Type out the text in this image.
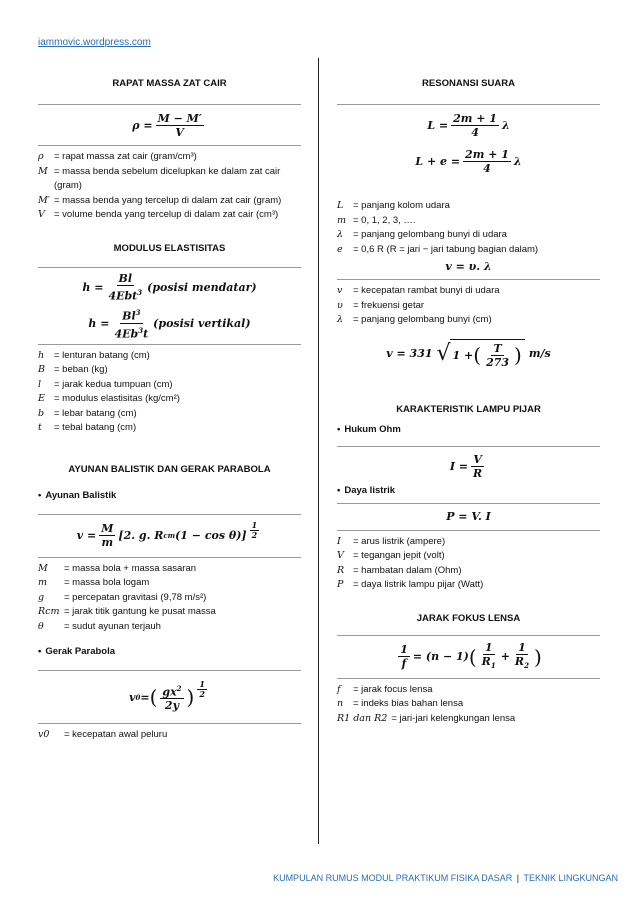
iammovic.wordpress.com
RAPAT MASSA ZAT CAIR
$\rho = \frac{M - M'}{V}$
ρ	= rapat massa zat cair (gram/cm³)
M = massa benda sebelum dicelupkan ke dalam zat cair (gram)
M′ = massa benda yang tercelup di dalam zat cair (gram)
V = volume benda yang tercelup di dalam zat cair (cm³)
MODULUS ELASTISITAS
$h = \frac{Bl}{4Ebt^3}$ (posisi mendatar)
$h = \frac{Bl^3}{4Eb^3t}$ (posisi vertikal)
h	= lenturan batang (cm)
B = beban (kg)
l	= jarak kedua tumpuan (cm)
E = modulus elastisitas (kg/cm²)
b	= lebar batang (cm)
t	= tebal batang (cm)
AYUNAN BALISTIK DAN GERAK PARABOLA
• Ayunan Balistik
$v = \frac{M}{m} [2$. g. R cm $(1 - \cos \theta)] \frac{1}{2}$
M	= massa bola + massa sasaran
m	= massa bola logam
g	= percepatan gravitasi (9,78 m/s²)
Rcm = jarak titik gantung ke pusat massa
θ	= sudut ayunan terjauh
• Gerak Parabola
v 0 = ( $\frac{gx^2}{2y}$ ) $\frac{1}{2}$
v0	= kecepatan awal peluru
RESONANSI SUARA
$L = \frac{2m + 1}{4}$ λ
$L + e = \frac{2m + 1}{4}$ λ
L	= panjang kolom udara
m = 0, 1, 2, 3, ….
λ	= panjang gelombang bunyi di udara
e	= 0,6 R (R = jari − jari tabung bagian dalam)
v = υ. λ
v	= kecepatan rambat bunyi di udara
υ	= frekuensi getar
λ	= panjang gelombang bunyi (cm)
v = 331 √ 1 + ( $\frac{T}{273}$ ) m/s
KARAKTERISTIK LAMPU PIJAR
• Hukum Ohm
$I = \frac{V}{R}$
• Daya listrik
P = V. I
I	= arus listrik (ampere)
V = tegangan jepit (volt)
R = hambatan dalam (Ohm)
P	= daya listrik lampu pijar (Watt)
JARAK FOKUS LENSA
$\frac{1}{f} = (n - 1)$ ( $\frac{1}{R_1} + \frac{1}{R_2}$ )
f	= jarak focus lensa
n	= indeks bias bahan lensa
R1 dan R2 = jari-jari kelengkungan lensa
KUMPULAN RUMUS MODUL PRAKTIKUM FISIKA DASAR | TEKNIK LINGKUNGAN
